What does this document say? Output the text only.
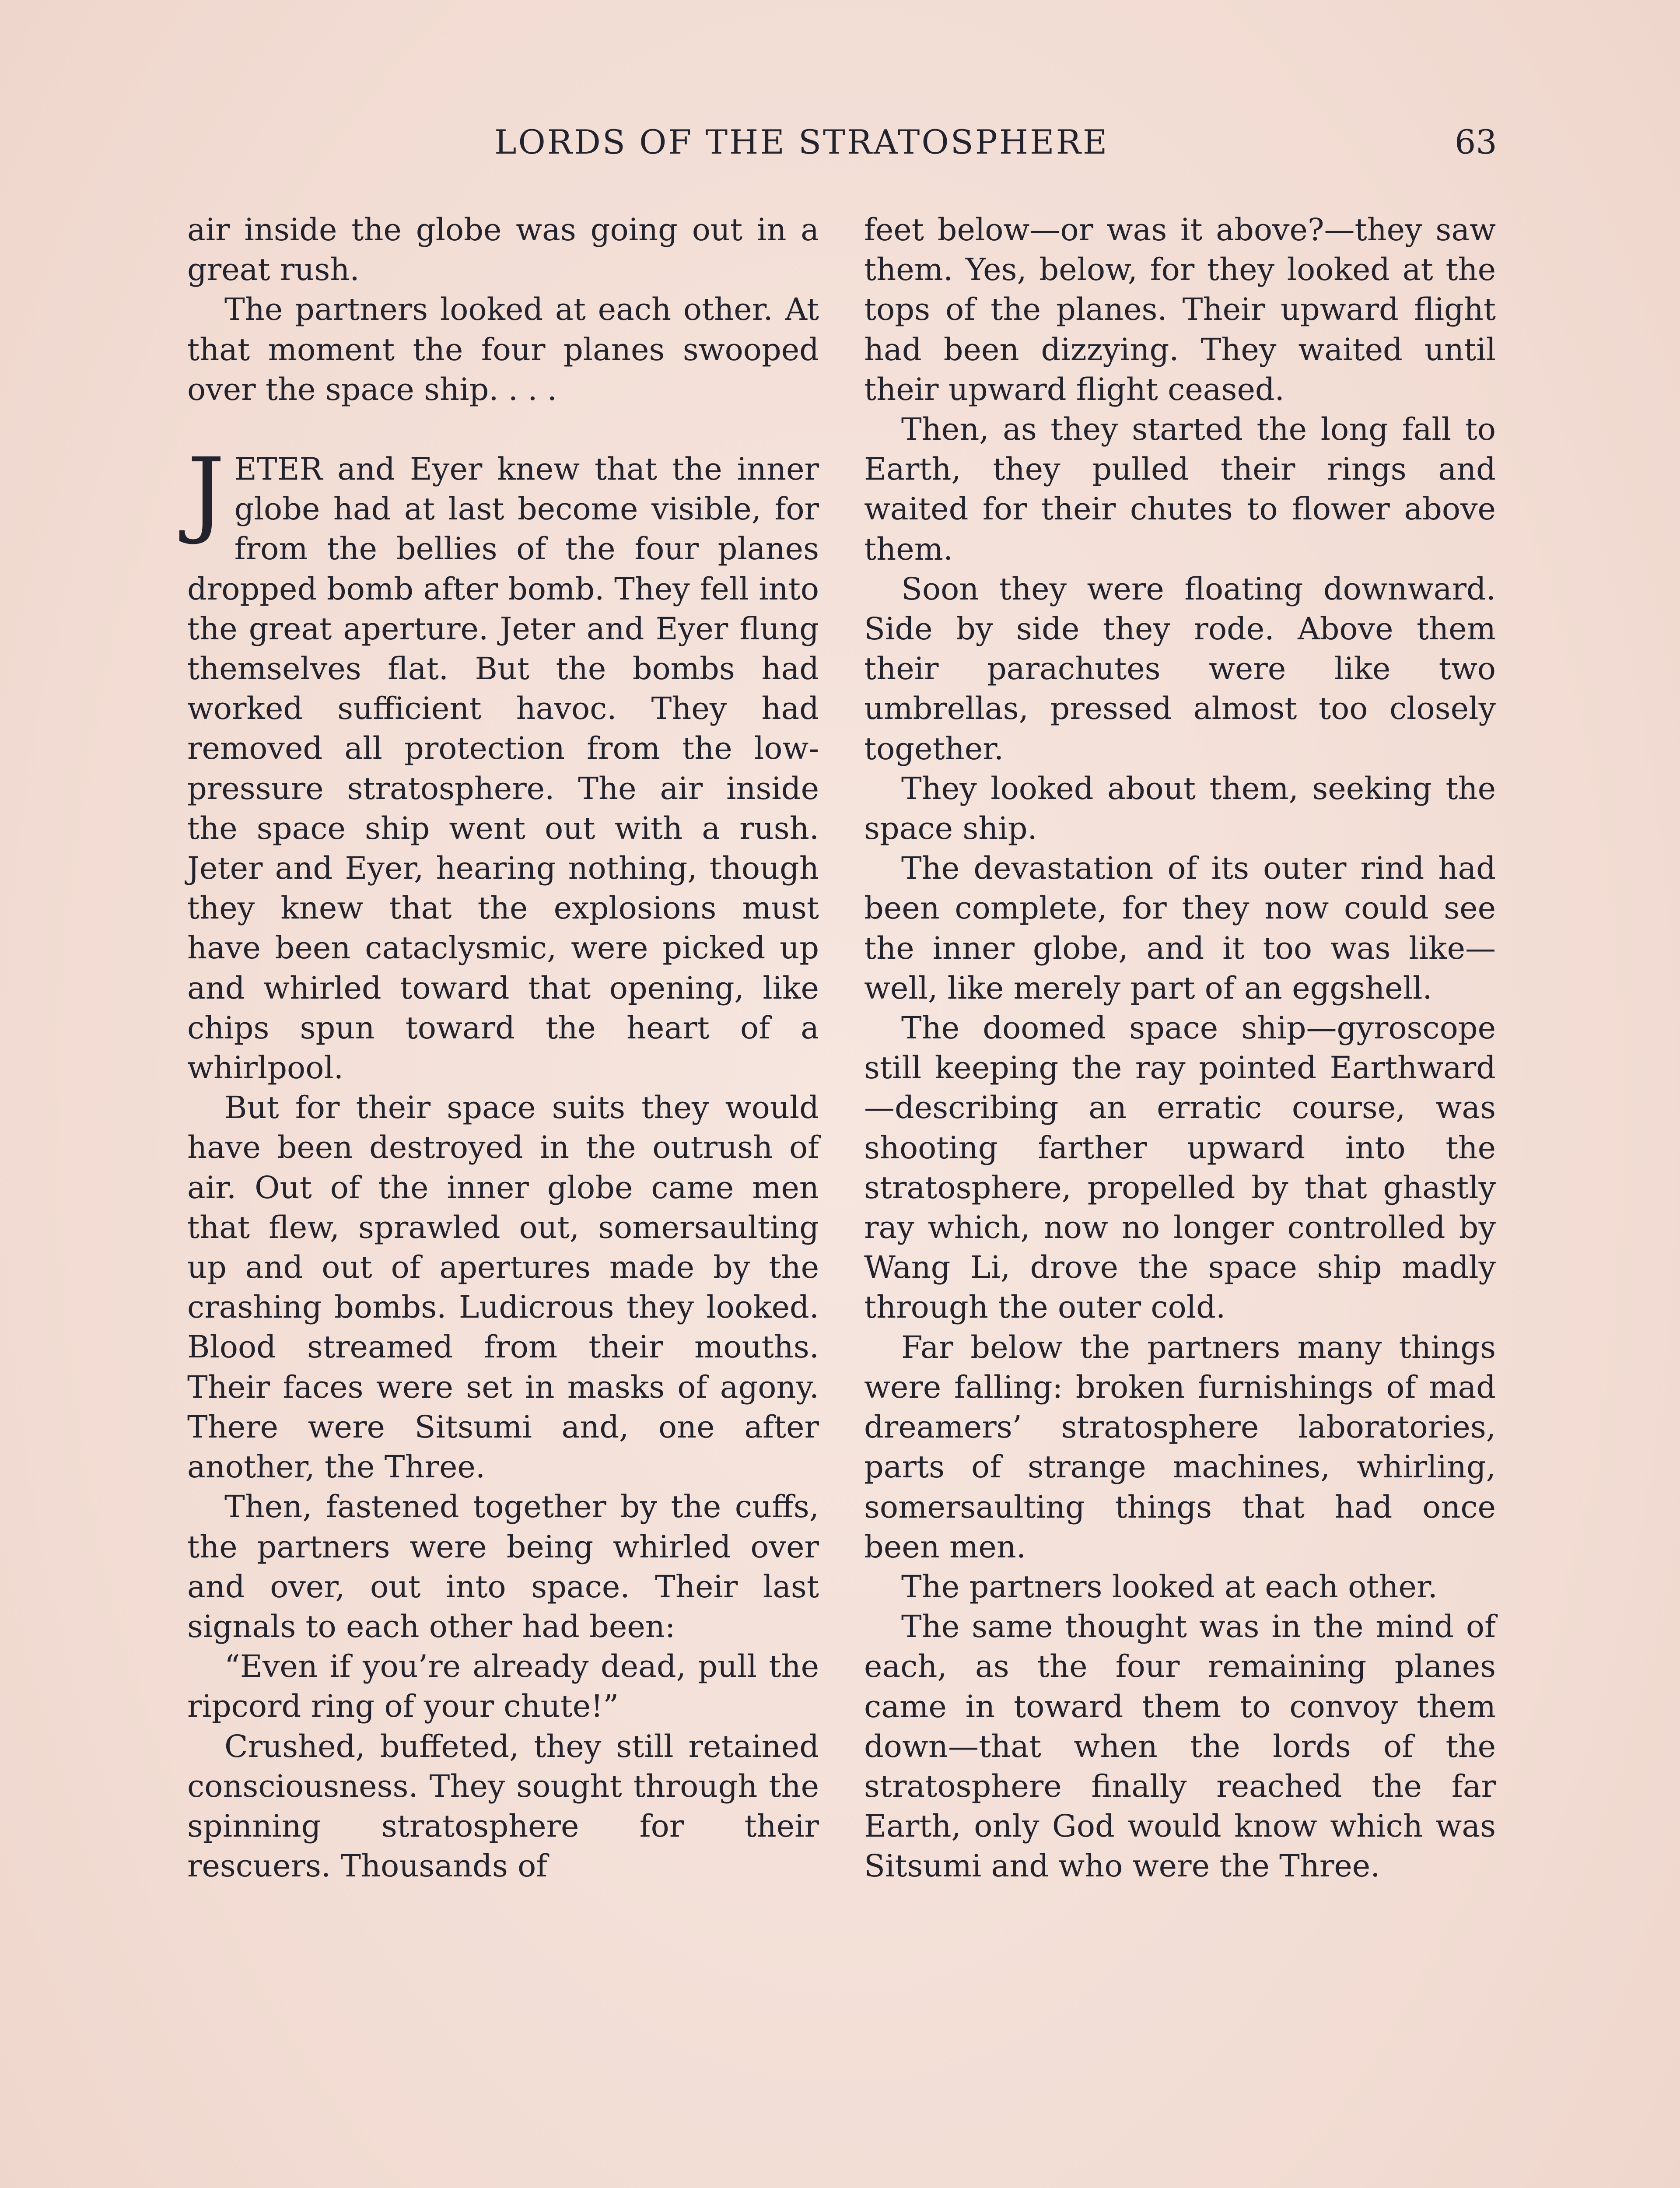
LORDS OF THE STRATOSPHERE	63

air inside the globe was going out in a great rush.

The partners looked at each other. At that moment the four planes swooped over the space ship. . . .

JETER and Eyer knew that the inner globe had at last become visible, for from the bellies of the four planes dropped bomb after bomb. They fell into the great aperture. Jeter and Eyer flung themselves flat. But the bombs had worked sufficient havoc. They had removed all protection from the low-pressure stratosphere. The air inside the space ship went out with a rush. Jeter and Eyer, hearing nothing, though they knew that the explosions must have been cataclysmic, were picked up and whirled toward that opening, like chips spun toward the heart of a whirlpool.

But for their space suits they would have been destroyed in the outrush of air. Out of the inner globe came men that flew, sprawled out, somersaulting up and out of apertures made by the crashing bombs. Ludicrous they looked. Blood streamed from their mouths. Their faces were set in masks of agony. There were Sitsumi and, one after another, the Three.

Then, fastened together by the cuffs, the partners were being whirled over and over, out into space. Their last signals to each other had been:

“Even if you’re already dead, pull the ripcord ring of your chute!”

Crushed, buffeted, they still retained consciousness. They sought through the spinning stratosphere for their rescuers. Thousands of

feet below—or was it above?—they saw them. Yes, below, for they looked at the tops of the planes. Their upward flight had been dizzying. They waited until their upward flight ceased.

Then, as they started the long fall to Earth, they pulled their rings and waited for their chutes to flower above them.

Soon they were floating downward. Side by side they rode. Above them their parachutes were like two umbrellas, pressed almost too closely together.

They looked about them, seeking the space ship.

The devastation of its outer rind had been complete, for they now could see the inner globe, and it too was like—well, like merely part of an eggshell.

The doomed space ship—gyroscope still keeping the ray pointed Earthward—describing an erratic course, was shooting farther upward into the stratosphere, propelled by that ghastly ray which, now no longer controlled by Wang Li, drove the space ship madly through the outer cold.

Far below the partners many things were falling: broken furnishings of mad dreamers’ stratosphere laboratories, parts of strange machines, whirling, somersaulting things that had once been men.

The partners looked at each other.

The same thought was in the mind of each, as the four remaining planes came in toward them to convoy them down—that when the lords of the stratosphere finally reached the far Earth, only God would know which was Sitsumi and who were the Three.
